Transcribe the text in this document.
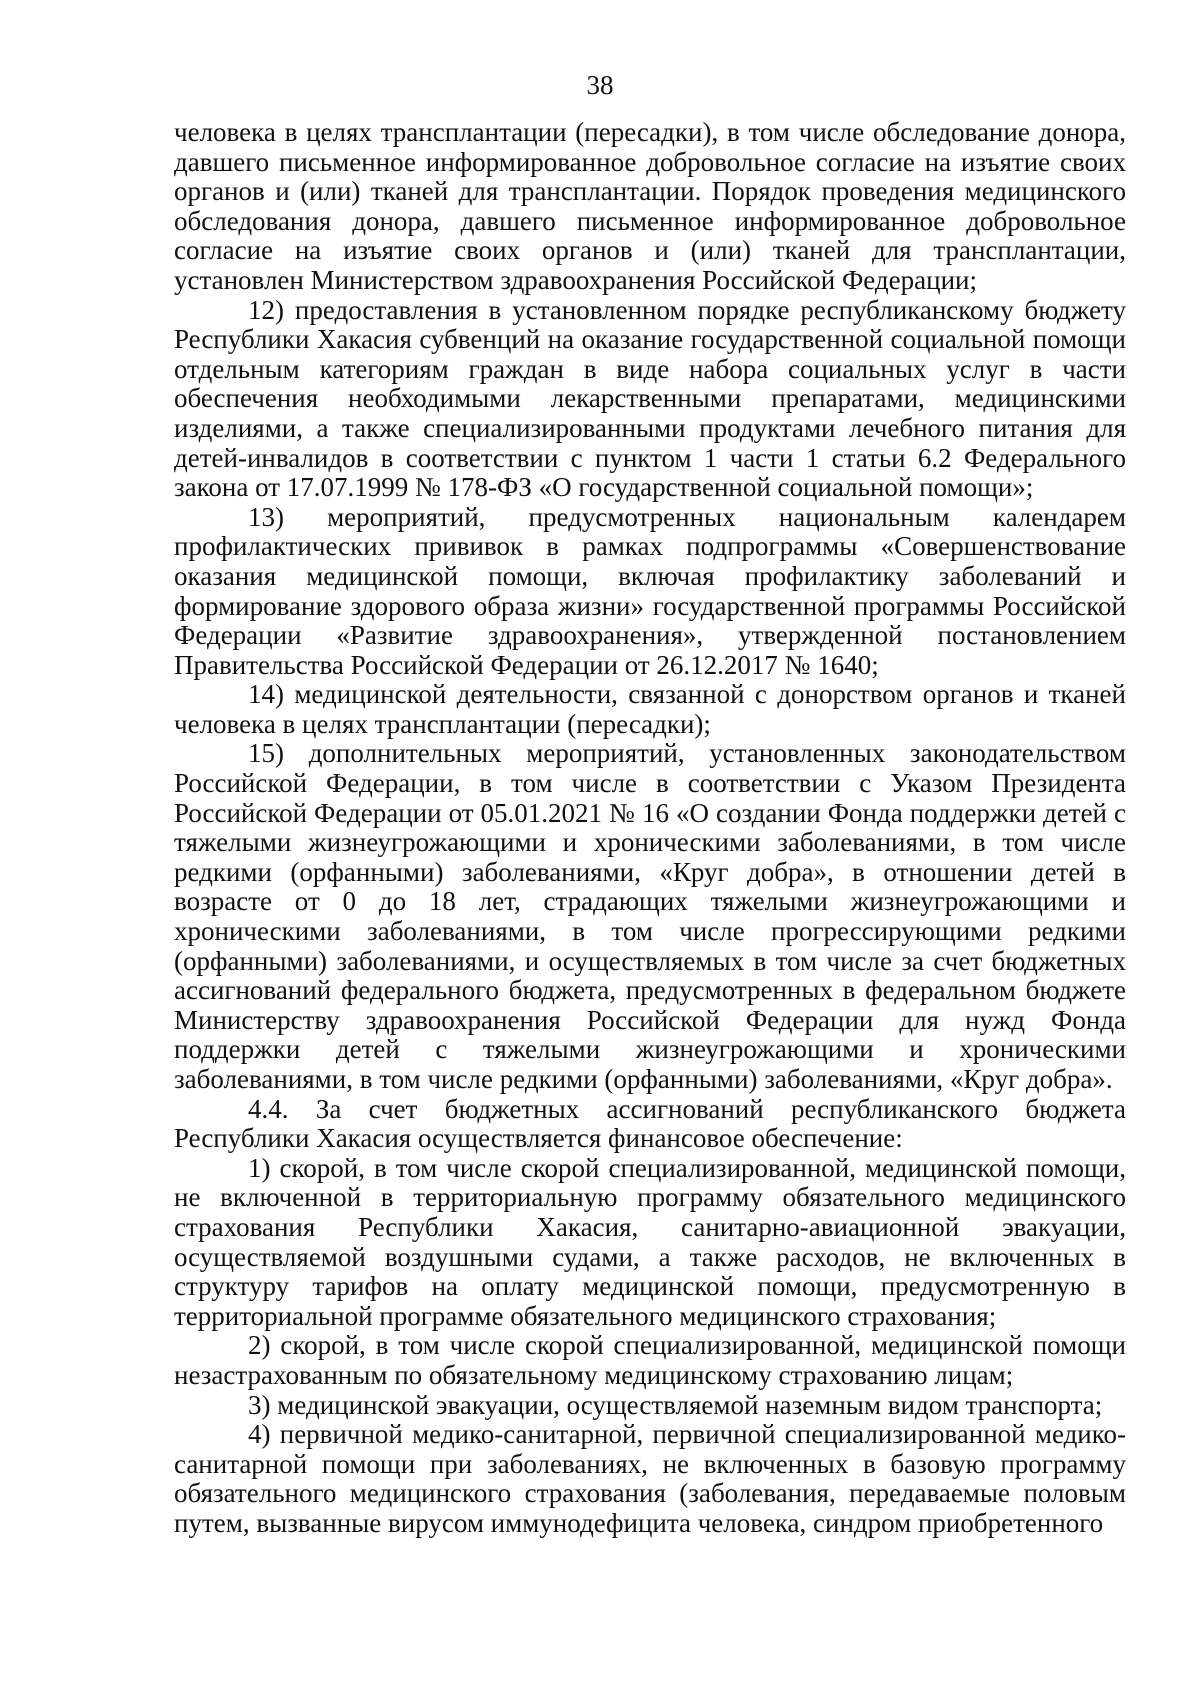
38

человека в целях трансплантации (пересадки), в том числе обследование донора, давшего письменное информированное добровольное согласие на изъятие своих органов и (или) тканей для трансплантации. Порядок проведения медицинского обследования донора, давшего письменное информированное добровольное согласие на изъятие своих органов и (или) тканей для трансплантации, установлен Министерством здравоохранения Российской Федерации;

12) предоставления в установленном порядке республиканскому бюджету Республики Хакасия субвенций на оказание государственной социальной помощи отдельным категориям граждан в виде набора социальных услуг в части обеспечения необходимыми лекарственными препаратами, медицинскими изделиями, а также специализированными продуктами лечебного питания для детей-инвалидов в соответствии с пунктом 1 части 1 статьи 6.2 Федерального закона от 17.07.1999 № 178-ФЗ «О государственной социальной помощи»;

13) мероприятий, предусмотренных национальным календарем профилактических прививок в рамках подпрограммы «Совершенствование оказания медицинской помощи, включая профилактику заболеваний и формирование здорового образа жизни» государственной программы Российской Федерации «Развитие здравоохранения», утвержденной постановлением Правительства Российской Федерации от 26.12.2017 № 1640;

14) медицинской деятельности, связанной с донорством органов и тканей человека в целях трансплантации (пересадки);

15) дополнительных мероприятий, установленных законодательством Российской Федерации, в том числе в соответствии с Указом Президента Российской Федерации от 05.01.2021 № 16 «О создании Фонда поддержки детей с тяжелыми жизнеугрожающими и хроническими заболеваниями, в том числе редкими (орфанными) заболеваниями, «Круг добра», в отношении детей в возрасте от 0 до 18 лет, страдающих тяжелыми жизнеугрожающими и хроническими заболеваниями, в том числе прогрессирующими редкими (орфанными) заболеваниями, и осуществляемых в том числе за счет бюджетных ассигнований федерального бюджета, предусмотренных в федеральном бюджете Министерству здравоохранения Российской Федерации для нужд Фонда поддержки детей с тяжелыми жизнеугрожающими и хроническими заболеваниями, в том числе редкими (орфанными) заболеваниями, «Круг добра».

4.4. За счет бюджетных ассигнований республиканского бюджета Республики Хакасия осуществляется финансовое обеспечение:

1) скорой, в том числе скорой специализированной, медицинской помощи, не включенной в территориальную программу обязательного медицинского страхования Республики Хакасия, санитарно-авиационной эвакуации, осуществляемой воздушными судами, а также расходов, не включенных в структуру тарифов на оплату медицинской помощи, предусмотренную в территориальной программе обязательного медицинского страхования;

2) скорой, в том числе скорой специализированной, медицинской помощи незастрахованным по обязательному медицинскому страхованию лицам;

3) медицинской эвакуации, осуществляемой наземным видом транспорта;

4) первичной медико-санитарной, первичной специализированной медико-санитарной помощи при заболеваниях, не включенных в базовую программу обязательного медицинского страхования (заболевания, передаваемые половым путем, вызванные вирусом иммунодефицита человека, синдром приобретенного
